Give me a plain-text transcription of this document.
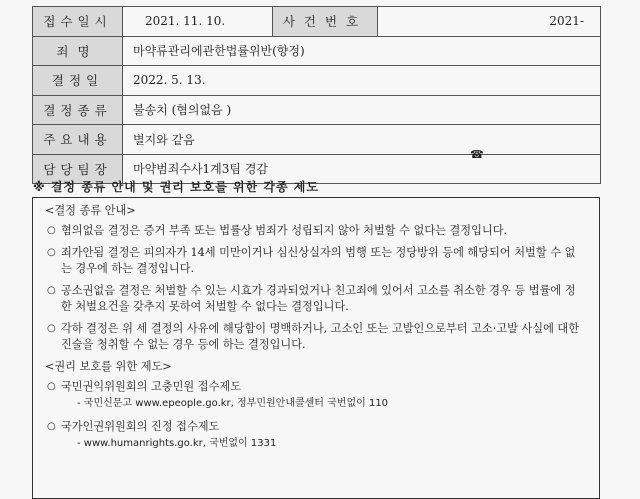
접수일시	2021. 11. 10.	사건번호	2021-
죄명	마약류관리에관한법률위반(향정)		
결정일	2022. 5. 13.		
결정종류	불송치 (혐의없음 )		
주요내용	별지와 같음		
담당팀장	마약범죄수사1계3팀 경감		
☎
※ 결정 종류 안내 및 권리 보호를 위한 각종 제도
<결정 종류 안내>
○ 혐의없음 결정은 증거 부족 또는 법률상 범죄가 성립되지 않아 처벌할 수 없다는 결정입니다.
○ 죄가안됨 결정은 피의자가 14세 미만이거나 심신상실자의 범행 또는 정당방위 등에 해당되어 처벌할 수 없는 경우에 하는 결정입니다.
○ 공소권없음 결정은 처벌할 수 있는 시효가 경과되었거나 친고죄에 있어서 고소를 취소한 경우 등 법률에 정한 처벌요건을 갖추지 못하여 처벌할 수 없다는 결정입니다.
○ 각하 결정은 위 세 결정의 사유에 해당함이 명백하거나, 고소인 또는 고발인으로부터 고소·고발 사실에 대한 진술을 청취할 수 없는 경우 등에 하는 결정입니다.
<권리 보호를 위한 제도>
○ 국민권익위원회의 고충민원 접수제도
- 국민신문고 www.epeople.go.kr, 정부민원안내콜센터 국번없이 110
○ 국가인권위원회의 진정 접수제도
- www.humanrights.go.kr, 국번없이 1331
